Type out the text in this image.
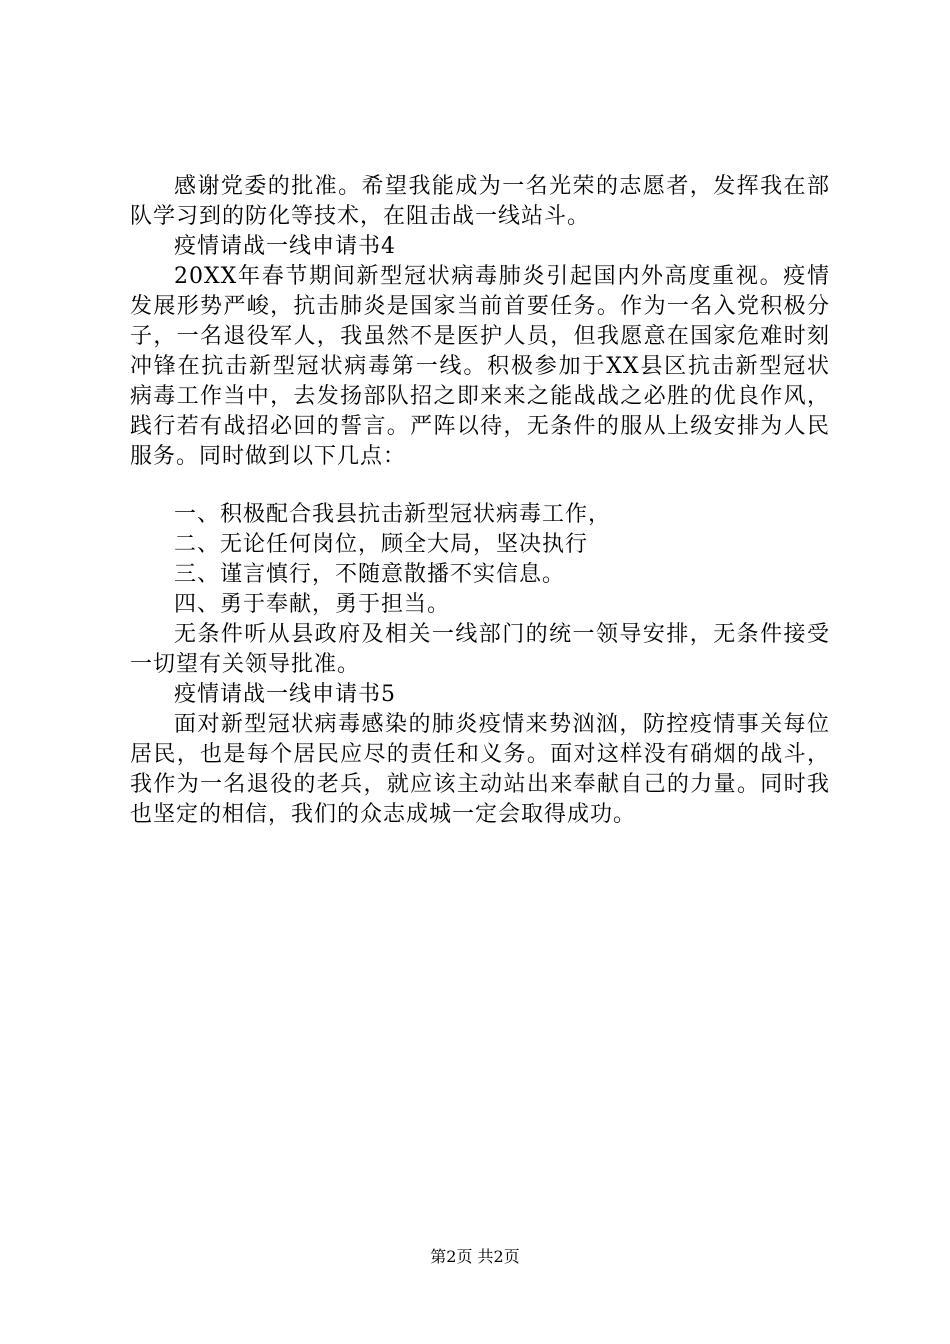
感谢党委的批准。希望我能成为一名光荣的志愿者，发挥我在部队学习到的防化等技术，在阻击战一线站斗。

疫情请战一线申请书4

20XX年春节期间新型冠状病毒肺炎引起国内外高度重视。疫情发展形势严峻，抗击肺炎是国家当前首要任务。作为一名入党积极分子，一名退役军人，我虽然不是医护人员，但我愿意在国家危难时刻冲锋在抗击新型冠状病毒第一线。积极参加于XX县区抗击新型冠状病毒工作当中，去发扬部队招之即来来之能战战之必胜的优良作风，践行若有战招必回的誓言。严阵以待，无条件的服从上级安排为人民服务。同时做到以下几点：

一、积极配合我县抗击新型冠状病毒工作，

二、无论任何岗位，顾全大局，坚决执行

三、谨言慎行，不随意散播不实信息。

四、勇于奉献，勇于担当。

无条件听从县政府及相关一线部门的统一领导安排，无条件接受一切望有关领导批准。

疫情请战一线申请书5

面对新型冠状病毒感染的肺炎疫情来势汹汹，防控疫情事关每位居民，也是每个居民应尽的责任和义务。面对这样没有硝烟的战斗，我作为一名退役的老兵，就应该主动站出来奉献自己的力量。同时我也坚定的相信，我们的众志成城一定会取得成功。

第2页 共2页
